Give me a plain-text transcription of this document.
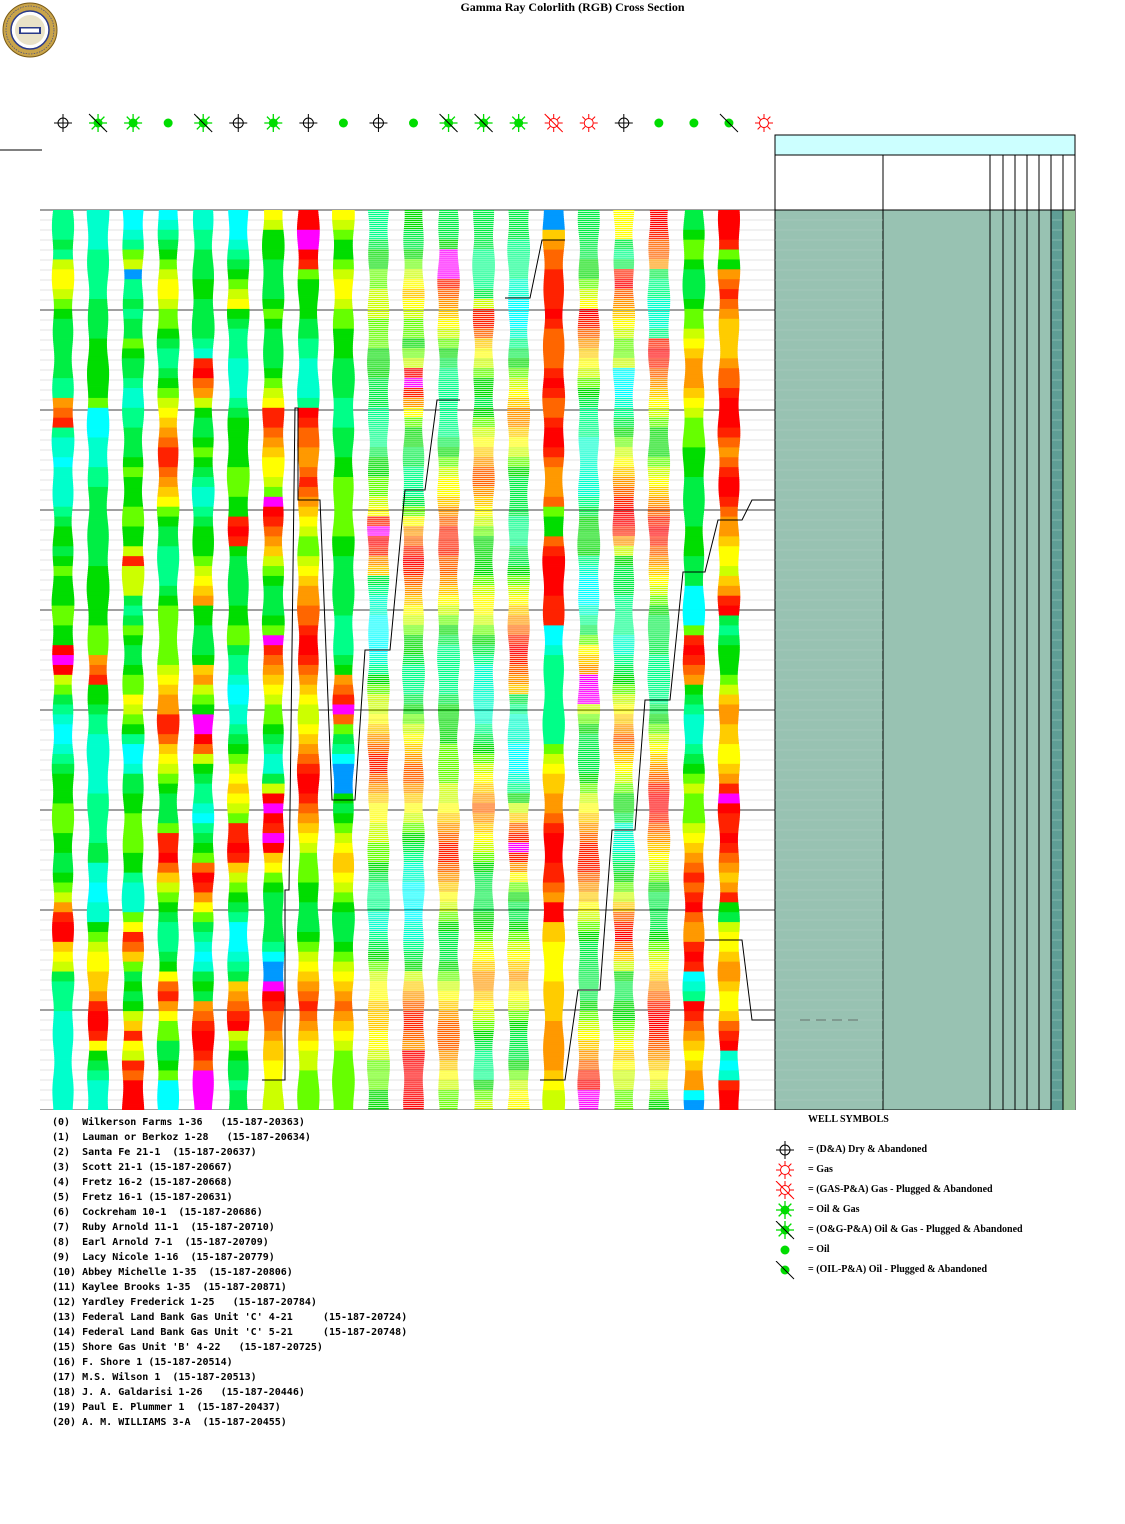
Gamma Ray Colorlith (RGB) Cross Section
(0)  Wilkerson Farms 1-36   (15-187-20363)
(1)  Lauman or Berkoz 1-28   (15-187-20634)
(2)  Santa Fe 21-1  (15-187-20637)
(3)  Scott 21-1 (15-187-20667)
(4)  Fretz 16-2 (15-187-20668)
(5)  Fretz 16-1 (15-187-20631)
(6)  Cockreham 10-1  (15-187-20686)
(7)  Ruby Arnold 11-1  (15-187-20710)
(8)  Earl Arnold 7-1  (15-187-20709)
(9)  Lacy Nicole 1-16  (15-187-20779)
(10) Abbey Michelle 1-35  (15-187-20806)
(11) Kaylee Brooks 1-35  (15-187-20871)
(12) Yardley Frederick 1-25   (15-187-20784)
(13) Federal Land Bank Gas Unit 'C' 4-21     (15-187-20724)
(14) Federal Land Bank Gas Unit 'C' 5-21     (15-187-20748)
(15) Shore Gas Unit 'B' 4-22   (15-187-20725)
(16) F. Shore 1 (15-187-20514)
(17) M.S. Wilson 1  (15-187-20513)
(18) J. A. Galdarisi 1-26   (15-187-20446)
(19) Paul E. Plummer 1  (15-187-20437)
(20) A. M. WILLIAMS 3-A  (15-187-20455)
WELL SYMBOLS
= (D&A) Dry & Abandoned
= Gas
= (GAS-P&A) Gas - Plugged & Abandoned
= Oil & Gas
= (O&G-P&A) Oil & Gas - Plugged & Abandoned
= Oil
= (OIL-P&A) Oil - Plugged & Abandoned
